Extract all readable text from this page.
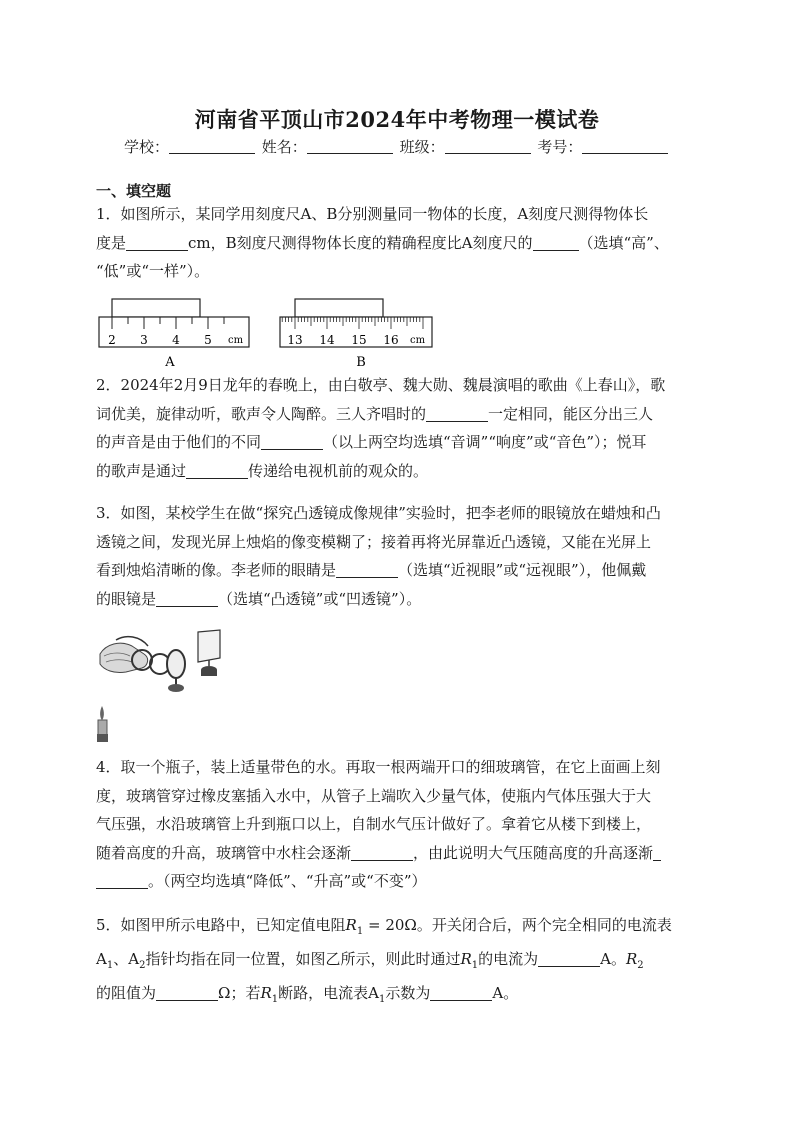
河南省平顶山市2024年中考物理一模试卷
学校：	姓名：	班级：	考号：
一、填空题
1．如图所示，某同学用刻度尺A、B分别测量同一物体的长度，A刻度尺测得物体长
度是	cm，B刻度尺测得物体长度的精确程度比A刻度尺的	（选填“高”、
“低”或“一样”）。
2 3 4 5 cm
A
13 14 15 16 cm
B
2．2024年2月9日龙年的春晚上，由白敬亭、魏大勋、魏晨演唱的歌曲《上春山》，歌
词优美，旋律动听，歌声令人陶醉。三人齐唱时的	一定相同，能区分出三人
的声音是由于他们的不同	（以上两空均选填“音调”“响度”或“音色”）；悦耳
的歌声是通过	传递给电视机前的观众的。
3．如图，某校学生在做“探究凸透镜成像规律”实验时，把李老师的眼镜放在蜡烛和凸
透镜之间，发现光屏上烛焰的像变模糊了；接着再将光屏靠近凸透镜，又能在光屏上
看到烛焰清晰的像。李老师的眼睛是	（选填“近视眼”或“远视眼”），他佩戴
的眼镜是	（选填“凸透镜”或“凹透镜”）。
4．取一个瓶子，装上适量带色的水。再取一根两端开口的细玻璃管，在它上面画上刻
度，玻璃管穿过橡皮塞插入水中，从管子上端吹入少量气体，使瓶内气体压强大于大
气压强，水沿玻璃管上升到瓶口以上，自制水气压计做好了。拿着它从楼下到楼上，
随着高度的升高，玻璃管中水柱会逐渐	，由此说明大气压随高度的升高逐渐
。（两空均选填“降低”、“升高”或“不变”）
5．如图甲所示电路中，已知定值电阻$R_1 = 20\Omega$。开关闭合后，两个完全相同的电流表
$A_1$、$A_2$指针均指在同一位置，如图乙所示，则此时通过$R_1$的电流为	A。$R_2$
的阻值为	Ω；若$R_1$断路，电流表$A_1$示数为	A。
